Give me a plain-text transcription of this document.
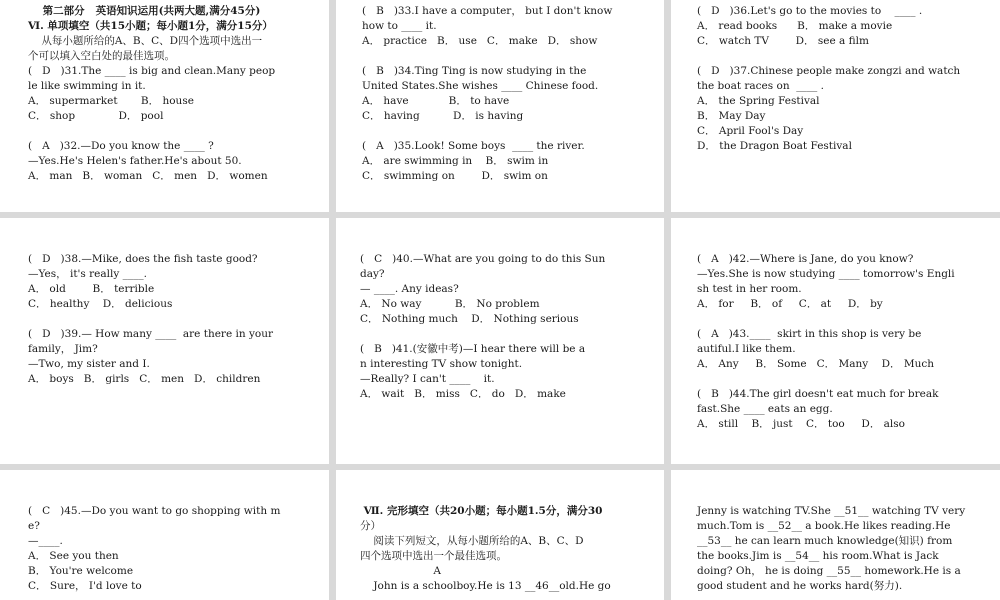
第二部分   英语知识运用(共两大题,满分45分)
Ⅵ. 单项填空（共15小题；每小题1分，满分15分）
从每小题所给的A、B、C、D四个选项中选出一
个可以填入空白处的最佳选项。
(   D   )31.The ____ is big and clean.Many peop
le like swimming in it.
A． supermarket       B． house
C． shop             D． pool

(   A   )32.—Do you know the ____ ?
—Yes.He's Helen's father.He's about 50.
A． man   B． woman   C． men   D． women
(   B   )33.I have a computer， but I don't know
how to ____ it.
A． practice   B． use   C． make   D． show

(   B   )34.Ting Ting is now studying in the
United States.She wishes ____ Chinese food.
A． have            B． to have
C． having          D． is having

(   A   )35.Look! Some boys  ____ the river.
A． are swimming in    B． swim in
C． swimming on        D． swim on
(   D   )36.Let's go to the movies to    ____ .
A． read books      B． make a movie
C． watch TV        D． see a film

(   D   )37.Chinese people make zongzi and watch
the boat races on  ____ .
A． the Spring Festival
B． May Day
C． April Fool's Day
D． the Dragon Boat Festival

(   D   )38.—Mike, does the fish taste good?
—Yes， it's really ____.
A． old        B． terrible
C． healthy    D． delicious

(   D   )39.— How many ____  are there in your
family， Jim?
—Two, my sister and I.
A． boys   B． girls   C． men   D． children

(   C   )40.—What are you going to do this Sun
day?
— ____. Any ideas?
A． No way          B． No problem
C． Nothing much    D． Nothing serious

(   B   )41.(安徽中考)—I hear there will be a
n interesting TV show tonight.
—Really? I can't ____    it.
A． wait   B． miss   C． do   D． make

(   A   )42.—Where is Jane, do you know?
—Yes.She is now studying ____ tomorrow's Engli
sh test in her room.
A． for     B． of     C． at     D． by

(   A   )43.____  skirt in this shop is very be
autiful.I like them.
A． Any     B． Some   C． Many    D． Much

(   B   )44.The girl doesn't eat much for break
fast.She ____ eats an egg.
A． still    B． just    C． too     D． also

(   C   )45.—Do you want to go shopping with m
e?
—____.
A． See you then
B． You're welcome
C． Sure， I'd love to

Ⅶ. 完形填空（共20小题；每小题1.5分，满分30
分）
阅读下列短文，从每小题所给的A、B、C、D
四个选项中选出一个最佳选项。
A
John is a schoolboy.He is 13 __46__old.He go

Jenny is watching TV.She __51__ watching TV very
much.Tom is __52__ a book.He likes reading.He
__53__ he can learn much knowledge(知识) from
the books.Jim is __54__ his room.What is Jack
doing? Oh， he is doing __55__ homework.He is a
good student and he works hard(努力).
